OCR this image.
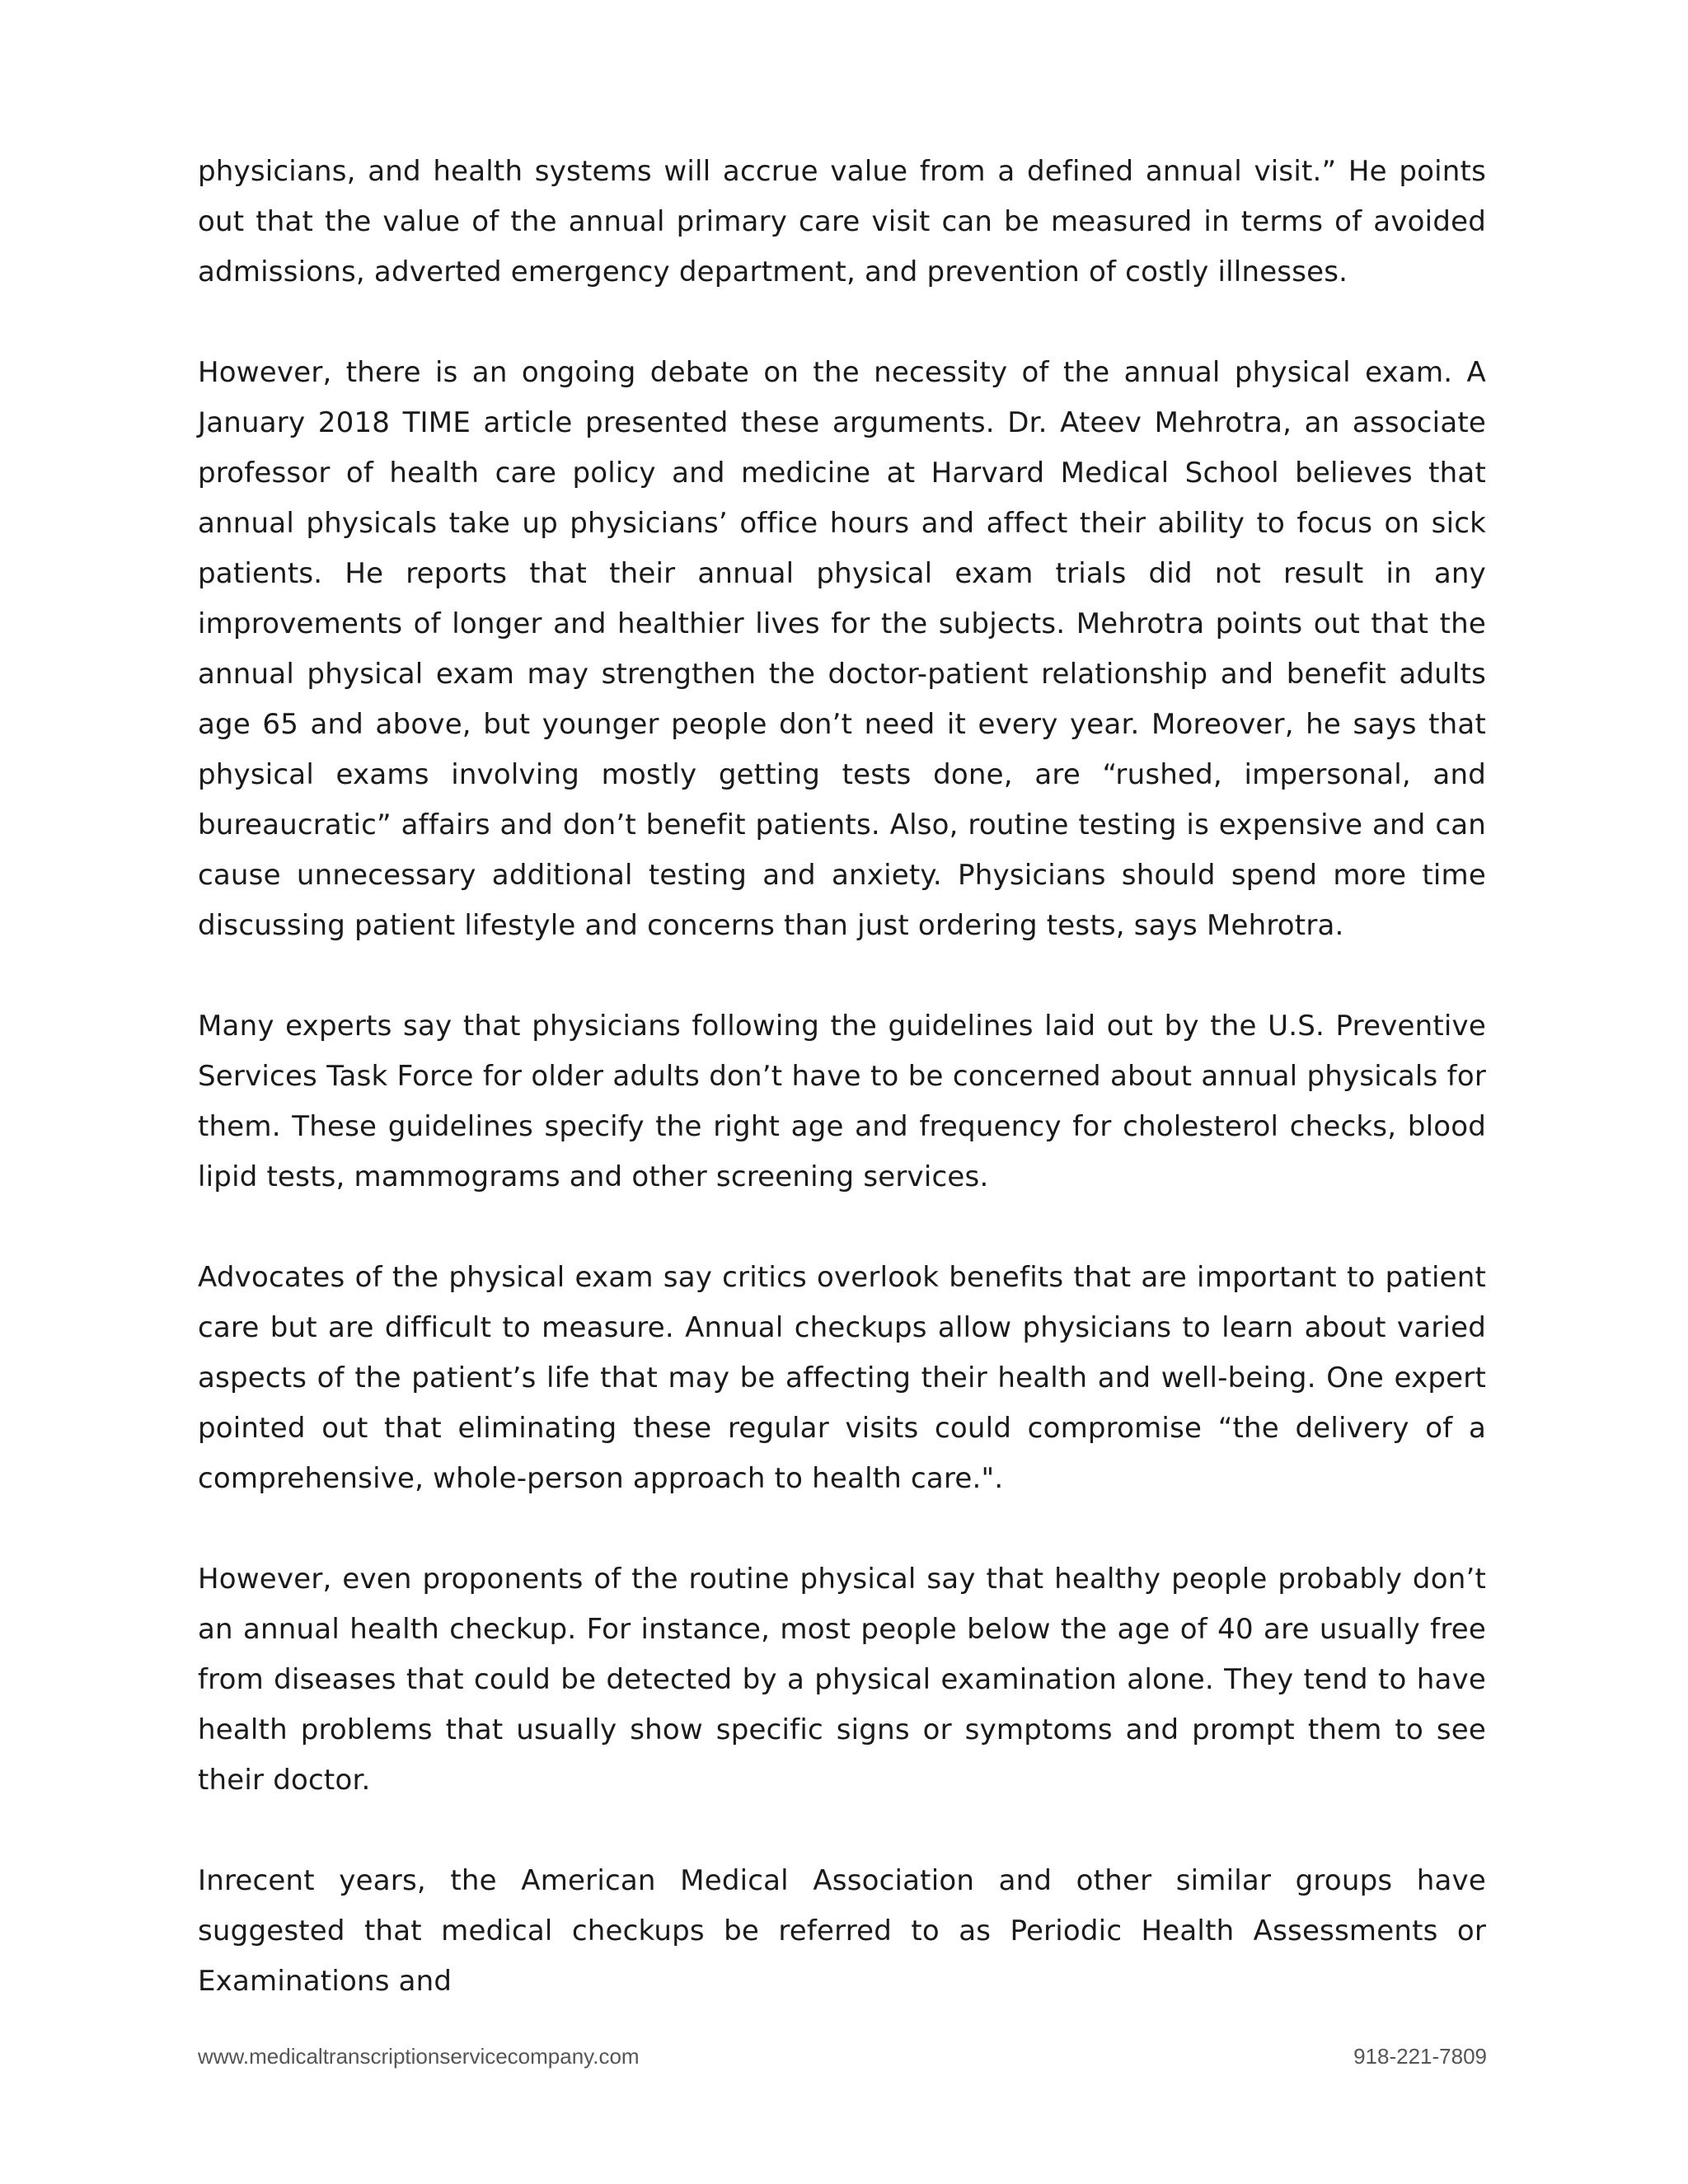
physicians, and health systems will accrue value from a defined annual visit.” He points out that the value of the annual primary care visit can be measured in terms of avoided admissions, adverted emergency department, and prevention of costly illnesses.

However, there is an ongoing debate on the necessity of the annual physical exam. A January 2018 TIME article presented these arguments. Dr. Ateev Mehrotra, an associate professor of health care policy and medicine at Harvard Medical School believes that annual physicals take up physicians’ office hours and affect their ability to focus on sick patients. He reports that their annual physical exam trials did not result in any improvements of longer and healthier lives for the subjects. Mehrotra points out that the annual physical exam may strengthen the doctor-patient relationship and benefit adults age 65 and above, but younger people don’t need it every year. Moreover, he says that physical exams involving mostly getting tests done, are “rushed, impersonal, and bureaucratic” affairs and don’t benefit patients. Also, routine testing is expensive and can cause unnecessary additional testing and anxiety. Physicians should spend more time discussing patient lifestyle and concerns than just ordering tests, says Mehrotra.

Many experts say that physicians following the guidelines laid out by the U.S. Preventive Services Task Force for older adults don’t have to be concerned about annual physicals for them. These guidelines specify the right age and frequency for cholesterol checks, blood lipid tests, mammograms and other screening services.

Advocates of the physical exam say critics overlook benefits that are important to patient care but are difficult to measure. Annual checkups allow physicians to learn about varied aspects of the patient’s life that may be affecting their health and well-being. One expert pointed out that eliminating these regular visits could compromise “the delivery of a comprehensive, whole-person approach to health care.".

However, even proponents of the routine physical say that healthy people probably don’t an annual health checkup. For instance, most people below the age of 40 are usually free from diseases that could be detected by a physical examination alone. They tend to have health problems that usually show specific signs or symptoms and prompt them to see their doctor.

Inrecent years, the American Medical Association and other similar groups have suggested that medical checkups be referred to as Periodic Health Assessments or Examinations and

www.medicaltranscriptionservicecompany.com	918-221-7809
